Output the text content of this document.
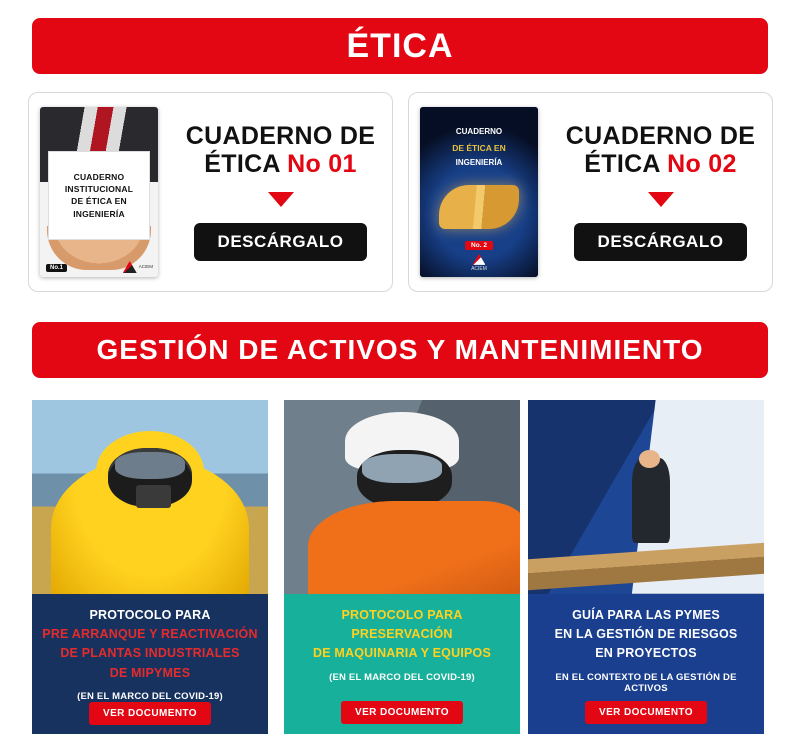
ÉTICA
CUADERNO
INSTITUCIONAL
DE ÉTICA EN
INGENIERÍA
No.1	ACIEM
CUADERNO DE
ÉTICA No 01
DESCÁRGALO
CUADERNO
DE ÉTICA EN
INGENIERÍA
No. 2
ACIEM
CUADERNO DE
ÉTICA No 02
DESCÁRGALO
GESTIÓN DE ACTIVOS Y MANTENIMIENTO
PROTOCOLO PARA
PRE ARRANQUE Y REACTIVACIÓN
DE PLANTAS INDUSTRIALES
DE MIPYMES
(EN EL MARCO DEL COVID-19)
VER DOCUMENTO
PROTOCOLO PARA PRESERVACIÓN
DE MAQUINARIA Y EQUIPOS
(EN EL MARCO DEL COVID-19)
VER DOCUMENTO
GUÍA PARA LAS PYMES
EN LA GESTIÓN DE RIESGOS
EN PROYECTOS
EN EL CONTEXTO DE LA GESTIÓN DE ACTIVOS
VER DOCUMENTO
